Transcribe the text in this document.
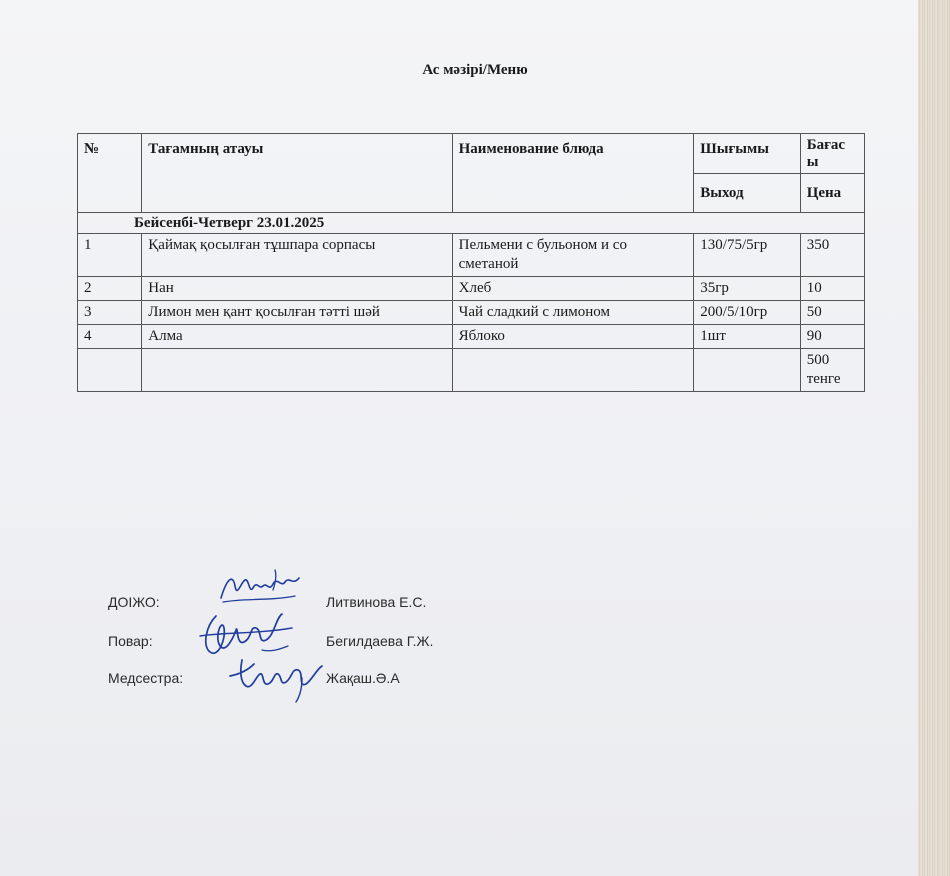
Ас мәзірі/Меню
№	Тағамның атауы	Наименование блюда	Шығымы	Бағас
ы
			Выход	Цена
Бейсенбі-Четверг 23.01.2025				
1	Қаймақ қосылған тұшпара сорпасы	Пельмени с бульоном и со сметаной	130/75/5гр	350
2	Нан	Хлеб	35гр	10
3	Лимон мен қант қосылған тәтті шәй	Чай сладкий с лимоном	200/5/10гр	50
4	Алма	Яблоко	1шт	90
				500 тенге
ДОІЖО:	Литвинова Е.С.
Повар:	Бегилдаева Г.Ж.
Медсестра:	Жақаш.Ә.А
